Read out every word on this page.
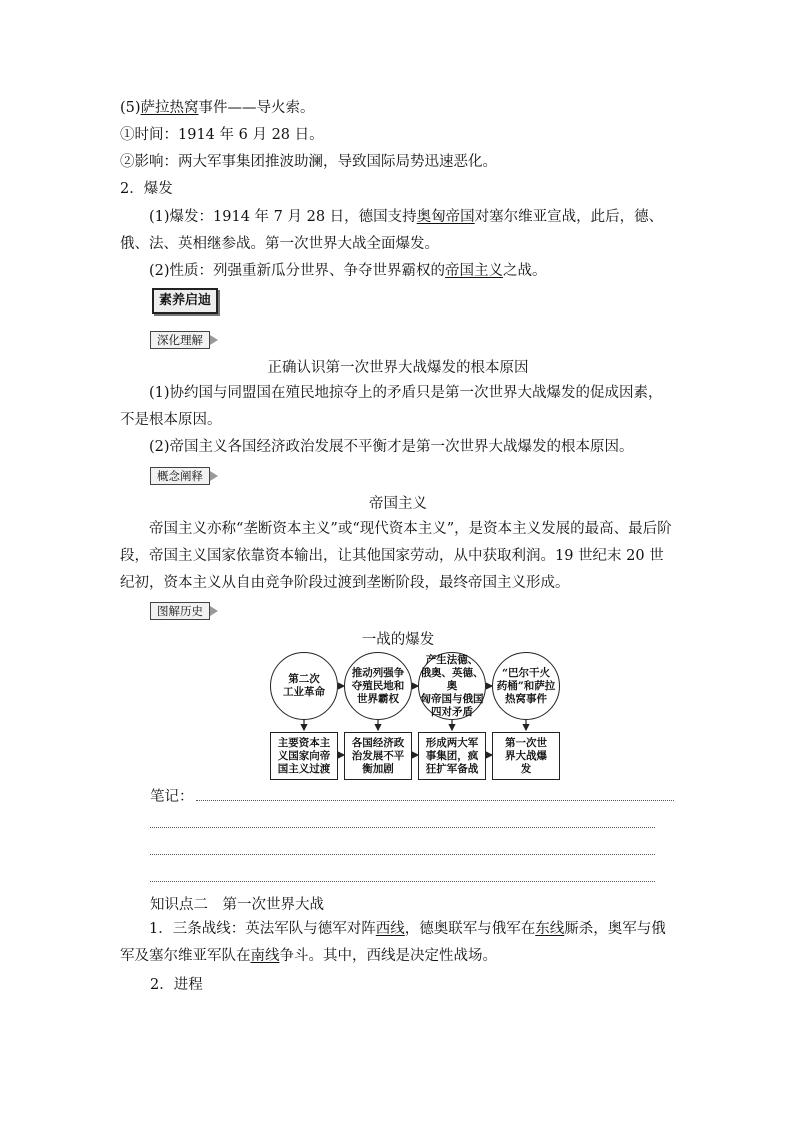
(5)萨拉热窝事件——导火索。
①时间：1914 年 6 月 28 日。
②影响：两大军事集团推波助澜，导致国际局势迅速恶化。
2．爆发
(1)爆发：1914 年 7 月 28 日，德国支持奥匈帝国对塞尔维亚宣战，此后，德、俄、法、英相继参战。第一次世界大战全面爆发。
(2)性质：列强重新瓜分世界、争夺世界霸权的帝国主义之战。
素养启迪
深化理解
正确认识第一次世界大战爆发的根本原因
(1)协约国与同盟国在殖民地掠夺上的矛盾只是第一次世界大战爆发的促成因素，不是根本原因。
(2)帝国主义各国经济政治发展不平衡才是第一次世界大战爆发的根本原因。
概念阐释
帝国主义
帝国主义亦称“垄断资本主义”或“现代资本主义”，是资本主义发展的最高、最后阶段，帝国主义国家依靠资本输出，让其他国家劳动，从中获取利润。19 世纪末 20 世纪初，资本主义从自由竞争阶段过渡到垄断阶段，最终帝国主义形成。
图解历史
一战的爆发
第二次
工业革命
推动列强争
夺殖民地和
世界霸权
产生法德、
俄奥、英德、奥
匈帝国与俄国
四对矛盾
“巴尔干火
药桶”和萨拉
热窝事件
主要资本主
义国家向帝
国主义过渡
各国经济政
治发展不平
衡加剧
形成两大军
事集团，疯
狂扩军备战
第一次世
界大战爆
发
笔记：
知识点二　第一次世界大战
1．三条战线：英法军队与德军对阵西线，德奥联军与俄军在东线厮杀，奥军与俄军及塞尔维亚军队在南线争斗。其中，西线是决定性战场。
2．进程
